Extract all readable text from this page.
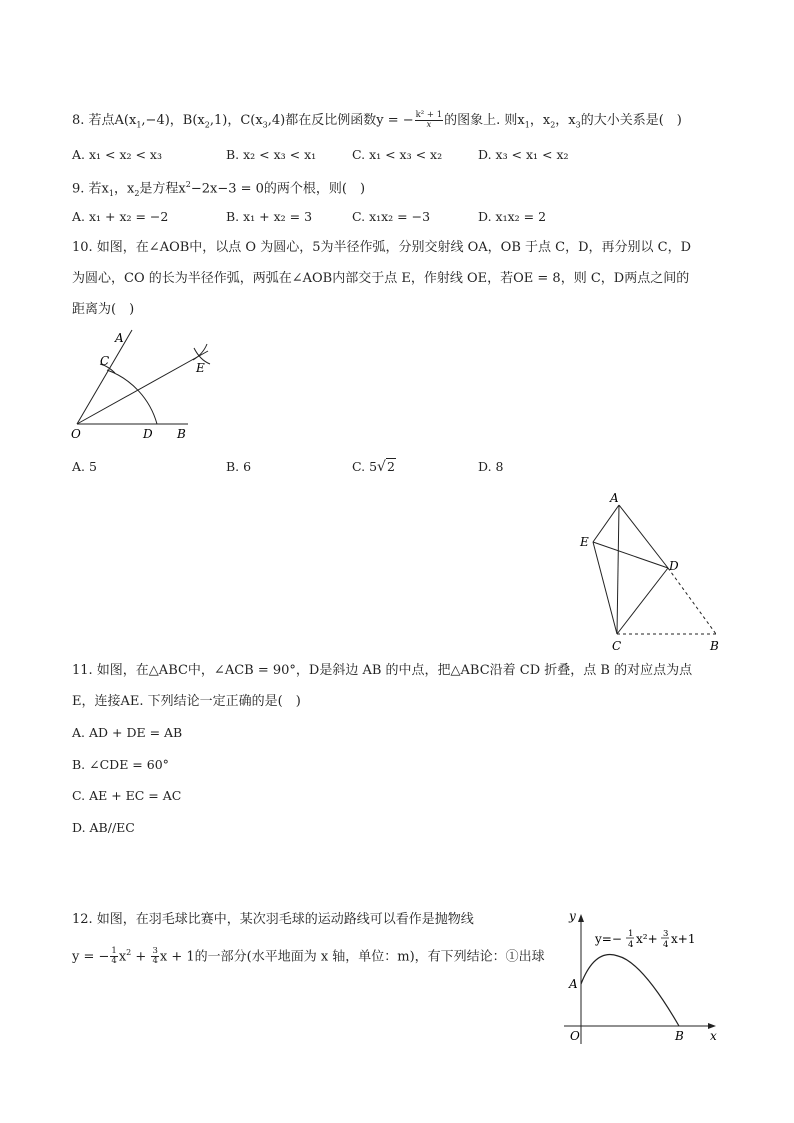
8. 若点$A(x_1,-4)$，$B(x_2,1)$，$C(x_3,4)$都在反比例函数y = − $\frac{\text{k² + 1}}{x}$ 的图象上. 则$x_1$，$x_2$，$x_3$的大小关系是(　)
A. x₁ < x₂ < x₃	B. x₂ < x₃ < x₁	C. x₁ < x₃ < x₂	D. x₃ < x₁ < x₂
9. 若$x_1$，$x_2$是方程$x^2-2x-3 = 0$的两个根，则(　)
A. x₁ + x₂ = −2	B. x₁ + x₂ = 3	C. x₁x₂ = −3	D. x₁x₂ = 2
10. 如图，在∠AOB中，以点 O 为圆心，5为半径作弧，分别交射线 OA，OB 于点 C，D，再分别以 C，D
为圆心，CO 的长为半径作弧，两弧在∠AOB内部交于点 E，作射线 OE，若OE = 8，则 C，D两点之间的
距离为(　)
A
C	E
O	D B
A. 5	B. 6	C. 5√2	D. 8
A
E
D
C	B
11. 如图，在△ABC中，∠ACB = 90°，D是斜边 AB 的中点，把△ABC沿着 CD 折叠，点 B 的对应点为点
E，连接AE. 下列结论一定正确的是(　)
A. AD + DE = AB
B. ∠CDE = 60°
C. AE + EC = AC
D. AB//EC
12. 如图，在羽毛球比赛中，某次羽毛球的运动路线可以看作是抛物线
y = − $\frac{1}{4} x^2 + \frac{3}{4}$ x + 1的一部分(水平地面为 x 轴，单位：m)，有下列结论：①出球
y
x
O
A
B
y=− 1
4 x²+ 3
4 x+1
